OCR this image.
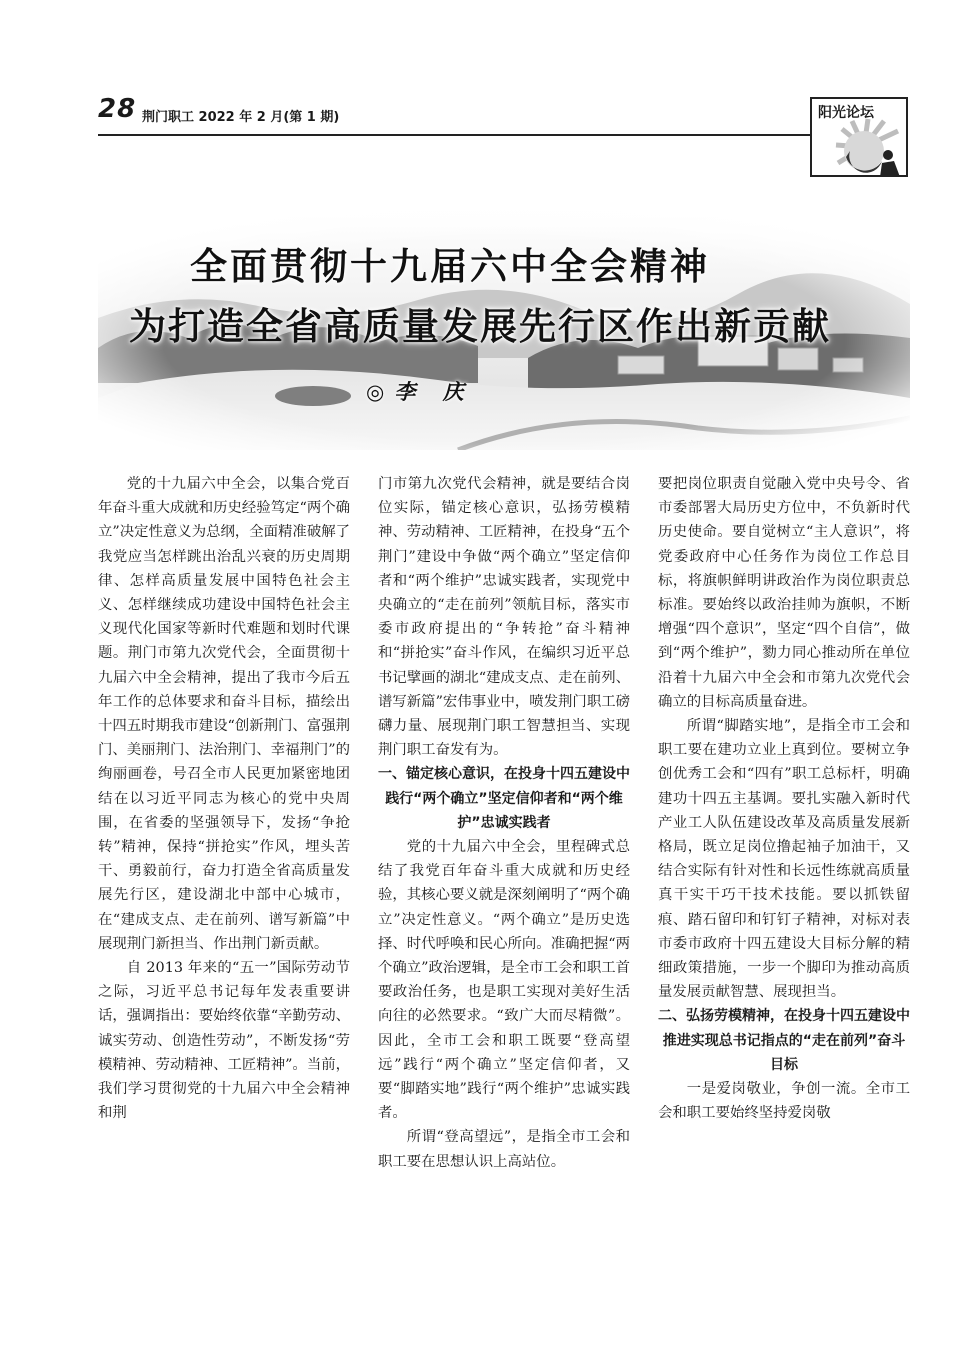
28 荆门职工 2022 年 2 月(第 1 期)	阳光论坛
全面贯彻十九届六中全会精神
为打造全省高质量发展先行区作出新贡献
◎李 庆

党的十九届六中全会，以集合党百年奋斗重大成就和历史经验笃定“两个确立”决定性意义为总纲，全面精准破解了我党应当怎样跳出治乱兴衰的历史周期律、怎样高质量发展中国特色社会主义、怎样继续成功建设中国特色社会主义现代化国家等新时代难题和划时代课题。荆门市第九次党代会，全面贯彻十九届六中全会精神，提出了我市今后五年工作的总体要求和奋斗目标，描绘出十四五时期我市建设“创新荆门、富强荆门、美丽荆门、法治荆门、幸福荆门”的绚丽画卷，号召全市人民更加紧密地团结在以习近平同志为核心的党中央周围，在省委的坚强领导下，发扬“争抢转”精神，保持“拼抢实”作风，埋头苦干、勇毅前行，奋力打造全省高质量发展先行区，建设湖北中部中心城市，在“建成支点、走在前列、谱写新篇”中展现荆门新担当、作出荆门新贡献。

自 2013 年来的“五一”国际劳动节之际，习近平总书记每年发表重要讲话，强调指出：要始终依靠“辛勤劳动、诚实劳动、创造性劳动”，不断发扬“劳模精神、劳动精神、工匠精神”。当前，我们学习贯彻党的十九届六中全会精神和荆

门市第九次党代会精神，就是要结合岗位实际，锚定核心意识，弘扬劳模精神、劳动精神、工匠精神，在投身“五个荆门”建设中争做“两个确立”坚定信仰者和“两个维护”忠诚实践者，实现党中央确立的“走在前列”领航目标，落实市委市政府提出的“争转抢”奋斗精神和“拼抢实”奋斗作风，在编织习近平总书记擘画的湖北“建成支点、走在前列、谱写新篇”宏伟事业中，喷发荆门职工磅礴力量、展现荆门职工智慧担当、实现荆门职工奋发有为。

一、锚定核心意识，在投身十四五建设中践行“两个确立”坚定信仰者和“两个维护”忠诚实践者

党的十九届六中全会，里程碑式总结了我党百年奋斗重大成就和历史经验，其核心要义就是深刻阐明了“两个确立”决定性意义。“两个确立”是历史选择、时代呼唤和民心所向。准确把握“两个确立”政治逻辑，是全市工会和职工首要政治任务，也是职工实现对美好生活向往的必然要求。“致广大而尽精微”。因此，全市工会和职工既要“登高望远”践行“两个确立”坚定信仰者，又要“脚踏实地”践行“两个维护”忠诚实践者。

所谓“登高望远”，是指全市工会和职工要在思想认识上高站位。

要把岗位职责自觉融入党中央号令、省市委部署大局历史方位中，不负新时代历史使命。要自觉树立“主人意识”，将党委政府中心任务作为岗位工作总目标，将旗帜鲜明讲政治作为岗位职责总标准。要始终以政治挂帅为旗帜，不断增强“四个意识”，坚定“四个自信”，做到“两个维护”，勠力同心推动所在单位沿着十九届六中全会和市第九次党代会确立的目标高质量奋进。

所谓“脚踏实地”，是指全市工会和职工要在建功立业上真到位。要树立争创优秀工会和“四有”职工总标杆，明确建功十四五主基调。要扎实融入新时代产业工人队伍建设改革及高质量发展新格局，既立足岗位撸起袖子加油干，又结合实际有针对性和长远性练就高质量真干实干巧干技术技能。要以抓铁留痕、踏石留印和钉钉子精神，对标对表市委市政府十四五建设大目标分解的精细政策措施，一步一个脚印为推动高质量发展贡献智慧、展现担当。

二、弘扬劳模精神，在投身十四五建设中推进实现总书记指点的“走在前列”奋斗目标

一是爱岗敬业，争创一流。全市工会和职工要始终坚持爱岗敬
